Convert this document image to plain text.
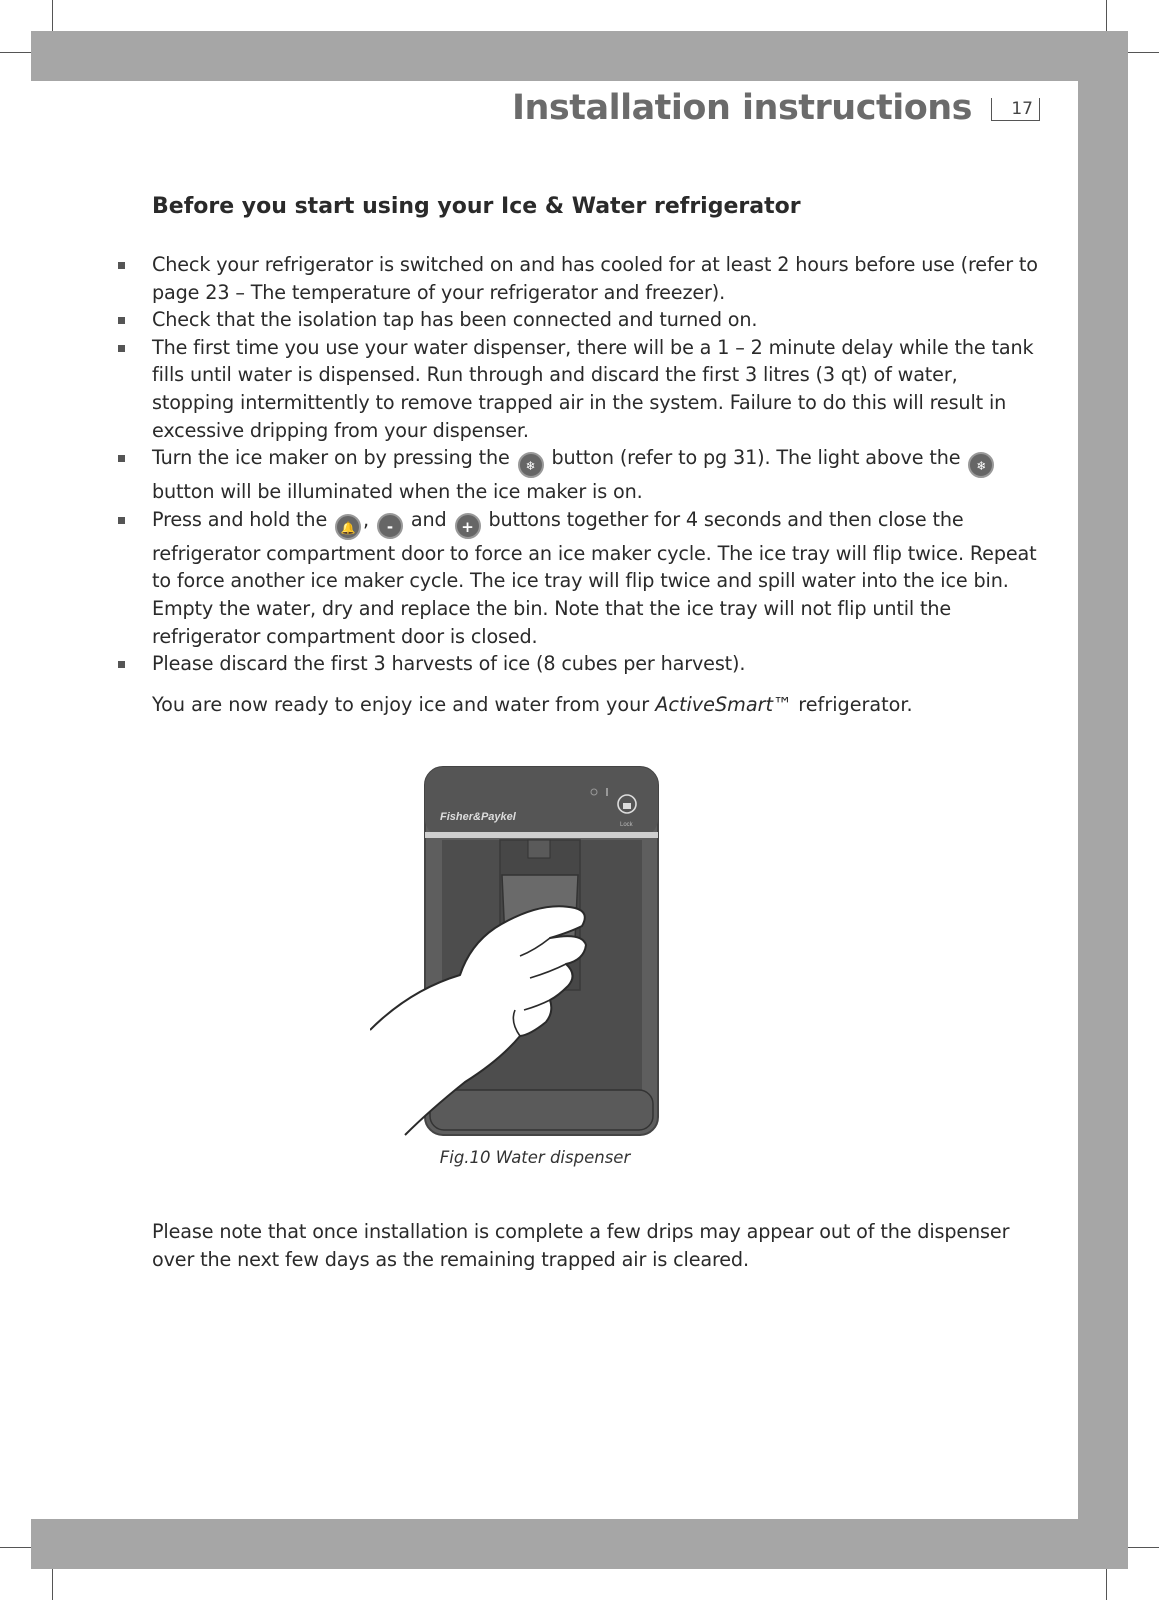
Installation instructions	17
Before you start using your Ice & Water refrigerator
Check your refrigerator is switched on and has cooled for at least 2 hours before use (refer to page 23 – The temperature of your refrigerator and freezer).
Check that the isolation tap has been connected and turned on.
The first time you use your water dispenser, there will be a 1 – 2 minute delay while the tank fills until water is dispensed. Run through and discard the first 3 litres (3 qt) of water, stopping intermittently to remove trapped air in the system. Failure to do this will result in excessive dripping from your dispenser.
Turn the ice maker on by pressing the ❄ button (refer to pg 31). The light above the ❄ button will be illuminated when the ice maker is on.
Press and hold the 🔔 , - and + buttons together for 4 seconds and then close the refrigerator compartment door to force an ice maker cycle. The ice tray will flip twice. Repeat to force another ice maker cycle. The ice tray will flip twice and spill water into the ice bin. Empty the water, dry and replace the bin. Note that the ice tray will not flip until the refrigerator compartment door is closed.
Please discard the first 3 harvests of ice (8 cubes per harvest).
You are now ready to enjoy ice and water from your ActiveSmart™ refrigerator.
Fisher&Paykel
Lock
Fig.10 Water dispenser
Please note that once installation is complete a few drips may appear out of the dispenser over the next few days as the remaining trapped air is cleared.
